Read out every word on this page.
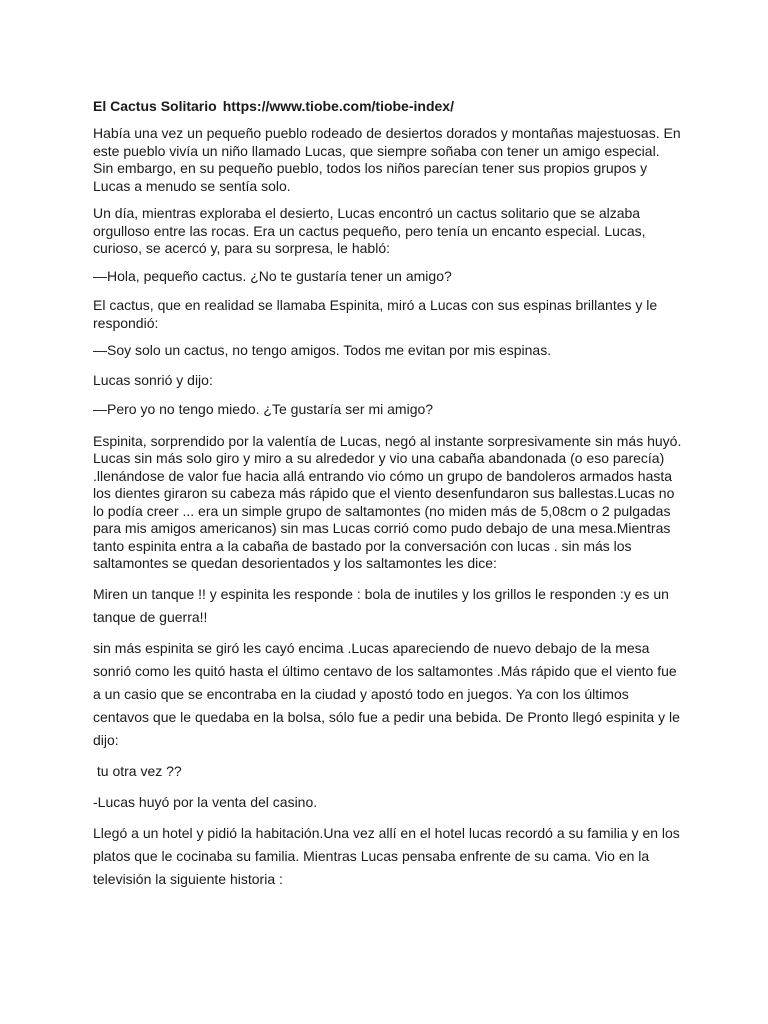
El Cactus Solitario https://www.tiobe.com/tiobe-index/

Había una vez un pequeño pueblo rodeado de desiertos dorados y montañas majestuosas. En este pueblo vivía un niño llamado Lucas, que siempre soñaba con tener un amigo especial. Sin embargo, en su pequeño pueblo, todos los niños parecían tener sus propios grupos y Lucas a menudo se sentía solo.

Un día, mientras exploraba el desierto, Lucas encontró un cactus solitario que se alzaba orgulloso entre las rocas. Era un cactus pequeño, pero tenía un encanto especial. Lucas, curioso, se acercó y, para su sorpresa, le habló:

—Hola, pequeño cactus. ¿No te gustaría tener un amigo?

El cactus, que en realidad se llamaba Espinita, miró a Lucas con sus espinas brillantes y le respondió:

—Soy solo un cactus, no tengo amigos. Todos me evitan por mis espinas.

Lucas sonrió y dijo:

—Pero yo no tengo miedo. ¿Te gustaría ser mi amigo?

Espinita, sorprendido por la valentía de Lucas, negó al instante sorpresivamente sin más huyó. Lucas sin más solo giro y miro a su alrededor y vio una cabaña abandonada (o eso parecía) .llenándose de valor fue hacia allá entrando vio cómo un grupo de bandoleros armados hasta los dientes giraron su cabeza más rápido que el viento desenfundaron sus ballestas.Lucas no lo podía creer ... era un simple grupo de saltamontes (no miden más de 5,08cm o 2 pulgadas para mis amigos americanos) sin mas Lucas corrió como pudo debajo de una mesa.Mientras tanto espinita entra a la cabaña de bastado por la conversación con lucas . sin más los saltamontes se quedan desorientados y los saltamontes les dice:

Miren un tanque !! y espinita les responde : bola de inutiles y los grillos le responden :y es un tanque de guerra!!

sin más espinita se giró les cayó encima .Lucas apareciendo de nuevo debajo de la mesa sonrió como les quitó hasta el último centavo de los saltamontes .Más rápido que el viento fue a un casio que se encontraba en la ciudad y apostó todo en juegos. Ya con los últimos centavos que le quedaba en la bolsa, sólo fue a pedir una bebida. De Pronto llegó espinita y le dijo:

tu otra vez ??

-Lucas huyó por la venta del casino.

Llegó a un hotel y pidió la habitación.Una vez allí en el hotel lucas recordó a su familia y en los platos que le cocinaba su familia. Mientras Lucas pensaba enfrente de su cama. Vio en la televisión la siguiente historia :
